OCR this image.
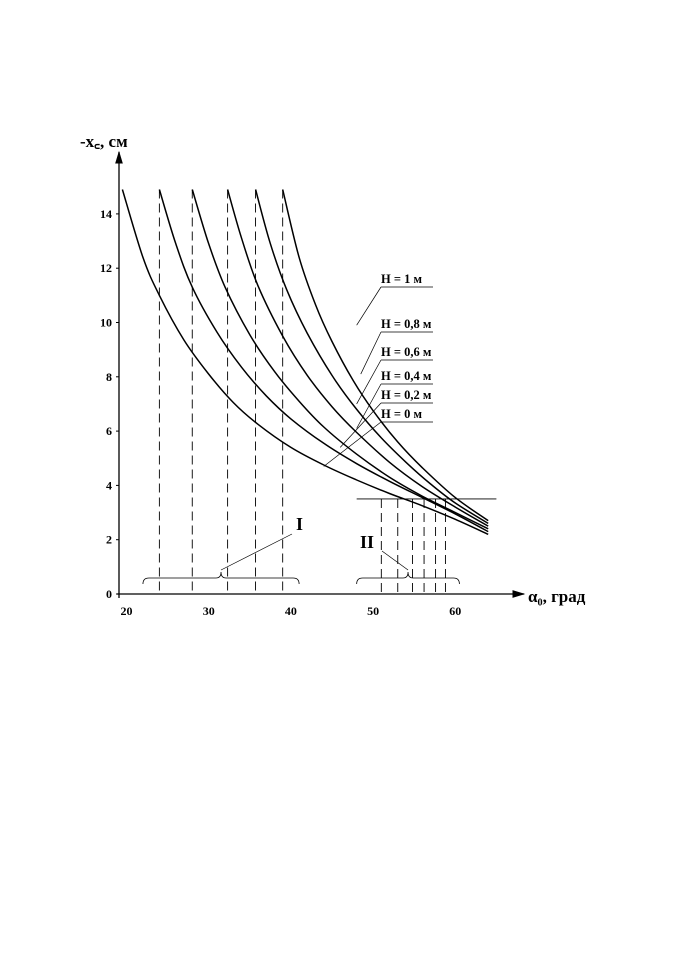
-x꜀, см
α₀, град
0
2
4
6
8
10
12
14
20	30	40	50	60
H = 0 м
H = 0,2 м
H = 0,4 м
H = 0,6 м
H = 0,8 м
H = 1 м
I
II
